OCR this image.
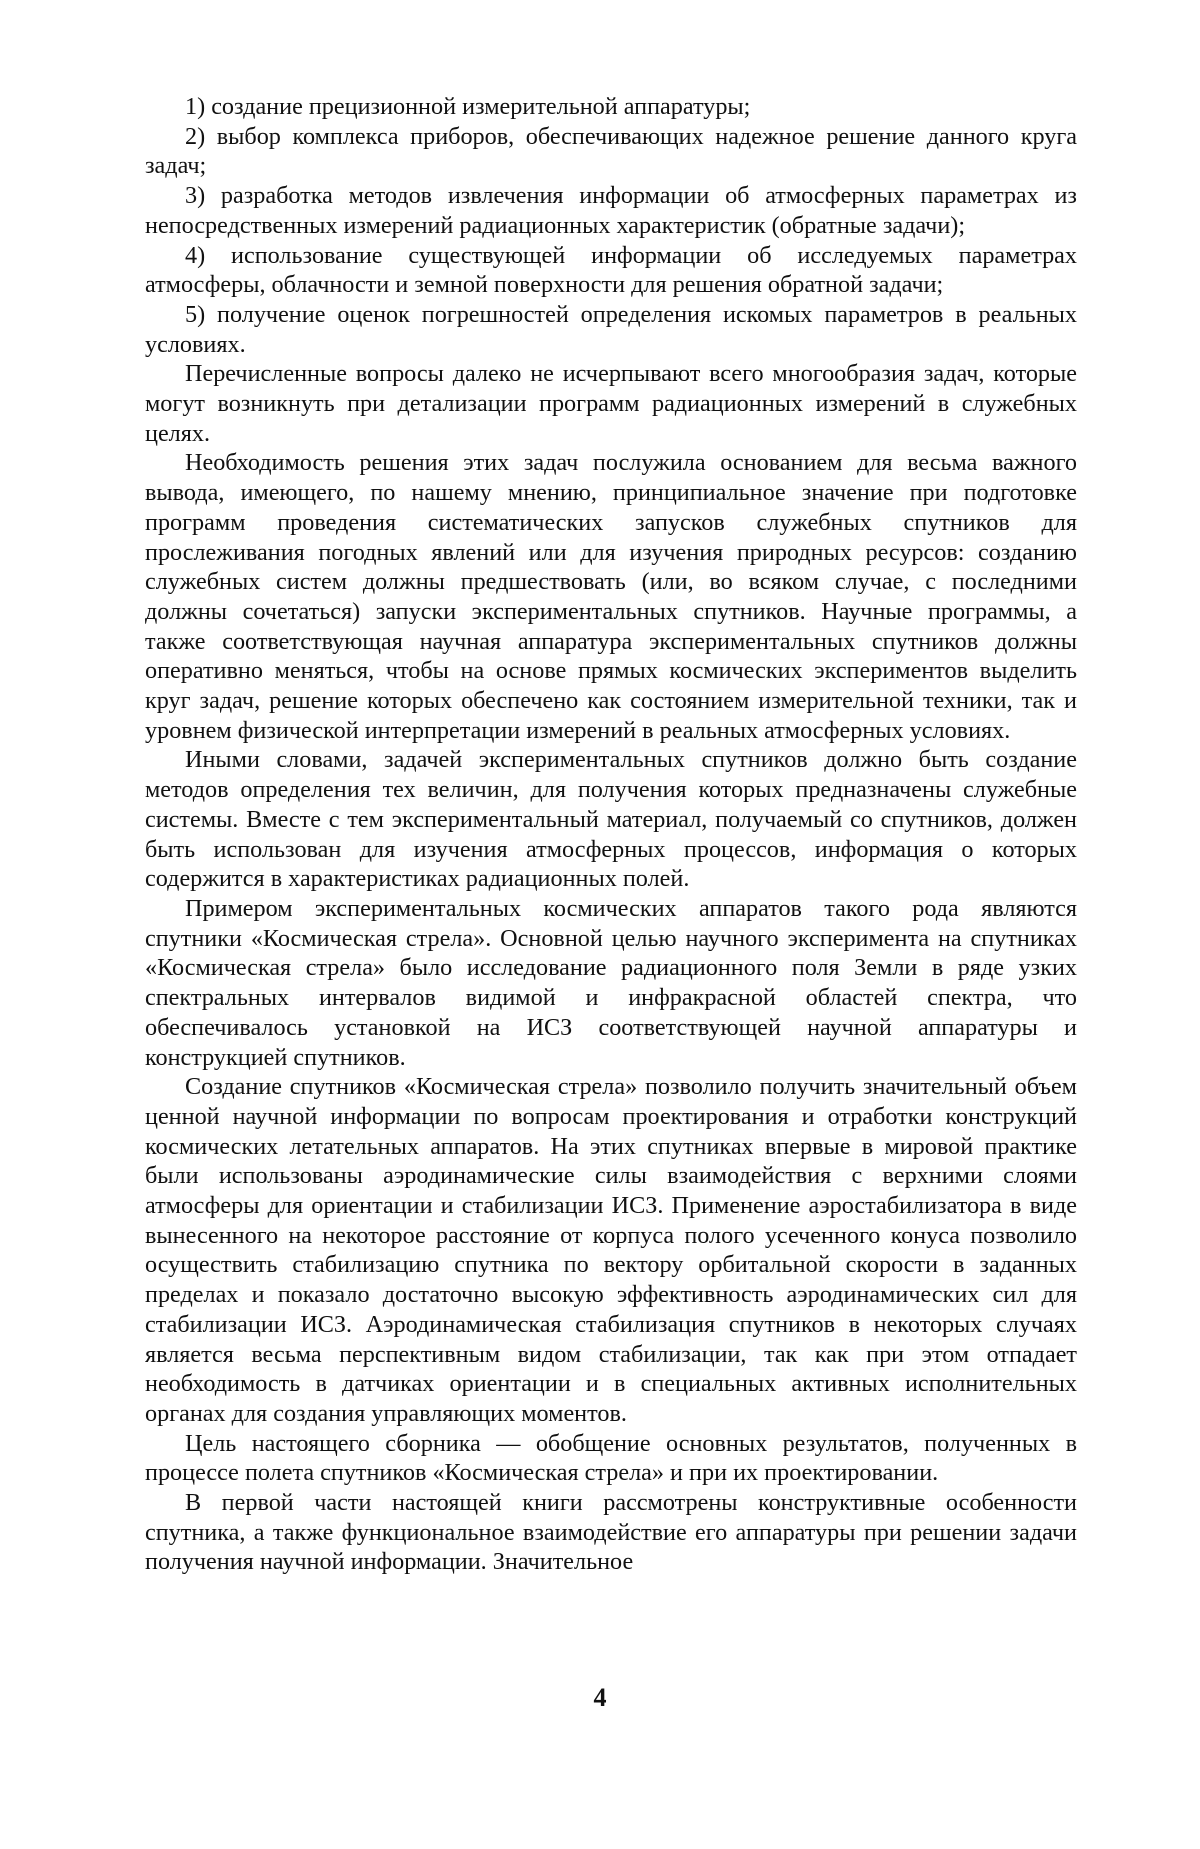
1) создание прецизионной измерительной аппаратуры;

2) выбор комплекса приборов, обеспечивающих надежное решение данного круга задач;

3) разработка методов извлечения информации об атмосферных параметрах из непосредственных измерений радиационных характеристик (обратные задачи);

4) использование существующей информации об исследуемых параметрах атмосферы, облачности и земной поверхности для решения обратной задачи;

5) получение оценок погрешностей определения искомых параметров в реальных условиях.

Перечисленные вопросы далеко не исчерпывают всего многообразия задач, которые могут возникнуть при детализации программ радиационных измерений в служебных целях.

Необходимость решения этих задач послужила основанием для весьма важного вывода, имеющего, по нашему мнению, принципиальное значение при подготовке программ проведения систематических запусков служебных спутников для прослеживания погодных явлений или для изучения природных ресурсов: созданию служебных систем должны предшествовать (или, во всяком случае, с последними должны сочетаться) запуски экспериментальных спутников. Научные программы, а также соответствующая научная аппаратура экспериментальных спутников должны оперативно меняться, чтобы на основе прямых космических экспериментов выделить круг задач, решение которых обеспечено как состоянием измерительной техники, так и уровнем физической интерпретации измерений в реальных атмосферных условиях.

Иными словами, задачей экспериментальных спутников должно быть создание методов определения тех величин, для получения которых предназначены служебные системы. Вместе с тем экспериментальный материал, получаемый со спутников, должен быть использован для изучения атмосферных процессов, информация о которых содержится в характеристиках радиационных полей.

Примером экспериментальных космических аппаратов такого рода являются спутники «Космическая стрела». Основной целью научного эксперимента на спутниках «Космическая стрела» было исследование радиационного поля Земли в ряде узких спектральных интервалов видимой и инфракрасной областей спектра, что обеспечивалось установкой на ИСЗ соответствующей научной аппаратуры и конструкцией спутников.

Создание спутников «Космическая стрела» позволило получить значительный объем ценной научной информации по вопросам проектирования и отработки конструкций космических летательных аппаратов. На этих спутниках впервые в мировой практике были использованы аэродинамические силы взаимодействия с верхними слоями атмосферы для ориентации и стабилизации ИСЗ. Применение аэростабилизатора в виде вынесенного на некоторое расстояние от корпуса полого усеченного конуса позволило осуществить стабилизацию спутника по вектору орбитальной скорости в заданных пределах и показало достаточно высокую эффективность аэродинамических сил для стабилизации ИСЗ. Аэродинамическая стабилизация спутников в некоторых случаях является весьма перспективным видом стабилизации, так как при этом отпадает необходимость в датчиках ориентации и в специальных активных исполнительных органах для создания управляющих моментов.

Цель настоящего сборника — обобщение основных результатов, полученных в процессе полета спутников «Космическая стрела» и при их проектировании.

В первой части настоящей книги рассмотрены конструктивные особенности спутника, а также функциональное взаимодействие его аппаратуры при решении задачи получения научной информации. Значительное

4
